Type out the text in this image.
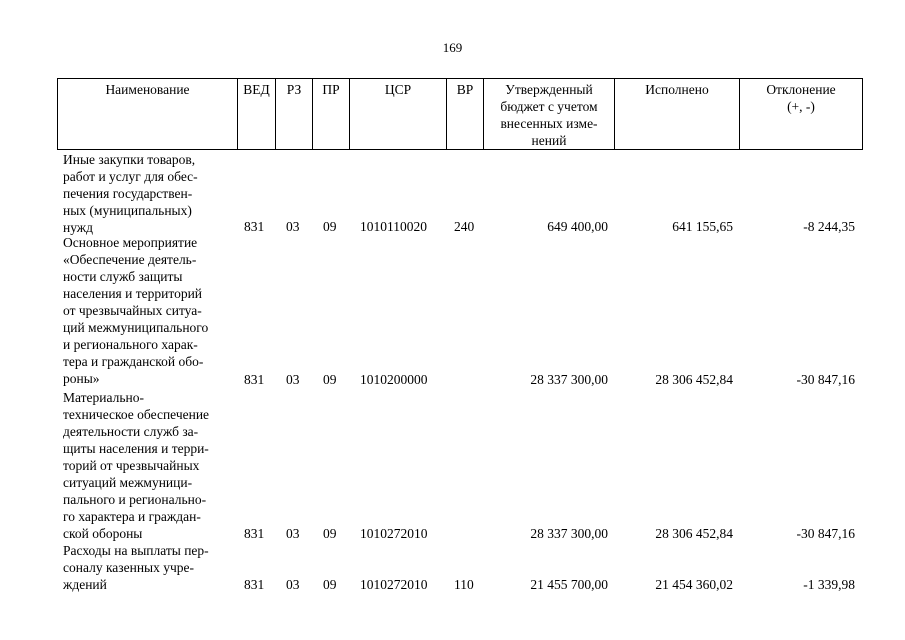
169
Наименование	ВЕД	РЗ	ПР	ЦСР	ВР	Утвержденный
бюджет с учетом
внесенных изме-
нений
	Исполнено	Отклонение
(+, -)
Иные закупки товаров,
работ и услуг для обес-
печения государствен-
ных (муниципальных)
нужд	831 03 09 1010110020 240	649 400,00	641 155,65	-8 244,35
Основное мероприятие
«Обеспечение деятель-
ности служб защиты
населения и территорий
от чрезвычайных ситуа-
ций межмуниципального
и регионального харак-
тера и гражданской обо-
роны»	831 03 09 1010200000	28 337 300,00	28 306 452,84	-30 847,16
Материально-
техническое обеспечение
деятельности служб за-
щиты населения и терри-
торий от чрезвычайных
ситуаций межмуници-
пального и регионально-
го характера и граждан-
ской обороны	831 03 09 1010272010	28 337 300,00	28 306 452,84	-30 847,16
Расходы на выплаты пер-
соналу казенных учре-
ждений	831 03 09 1010272010 110	21 455 700,00	21 454 360,02	-1 339,98
